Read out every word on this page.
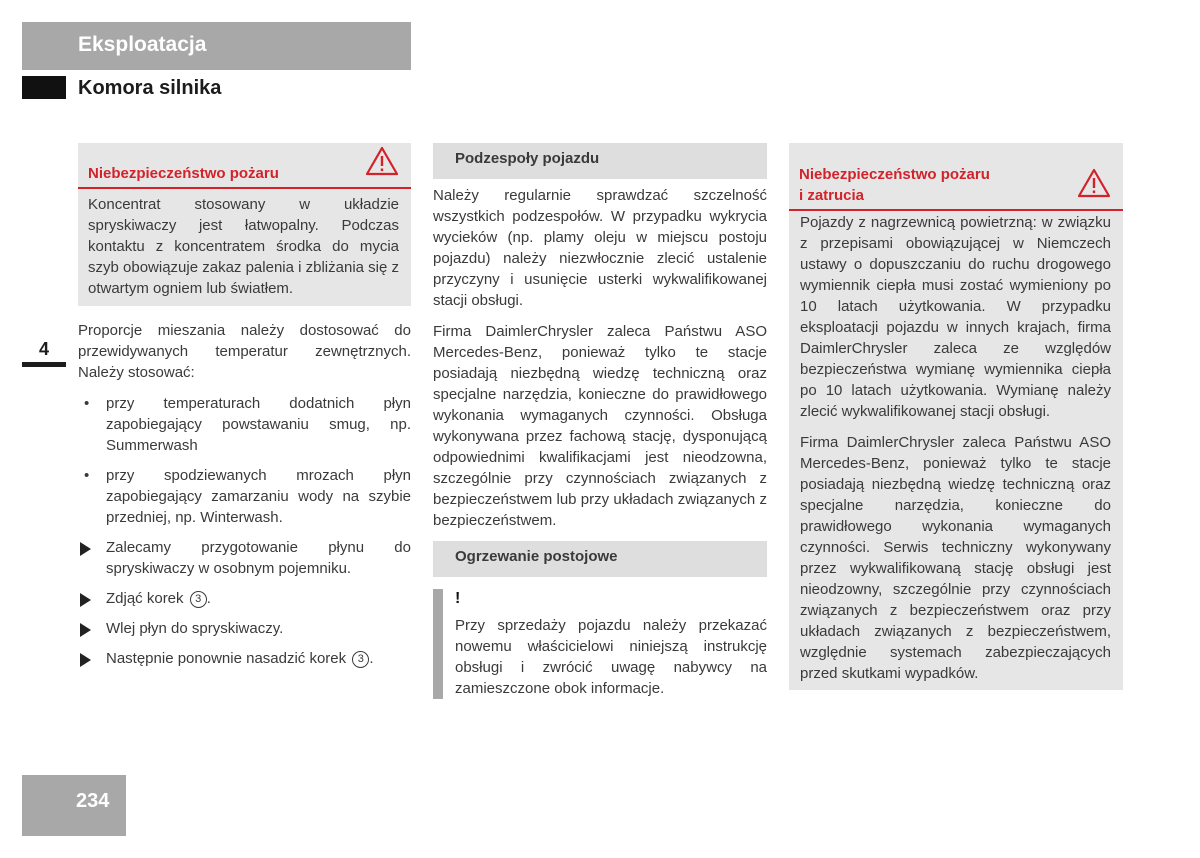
Eksploatacja
Komora silnika
4
Niebezpieczeństwo pożaru
Koncentrat stosowany w układzie spryskiwaczy jest łatwopalny. Podczas kontaktu z koncentratem środka do mycia szyb obowiązuje zakaz palenia i zbliżania się z otwartym ogniem lub światłem.

Proporcje mieszania należy dostosować do przewidywanych temperatur zewnętrznych. Należy stosować:

• przy temperaturach dodatnich płyn zapobiegający powstawaniu smug, np. Summerwash
• przy spodziewanych mrozach płyn zapobiegający zamarzaniu wody na szybie przedniej, np. Winterwash.
Zalecamy przygotowanie płynu do spryskiwaczy w osobnym pojemniku.
Zdjąć korek 3 .
Wlej płyn do spryskiwaczy.
Następnie ponownie nasadzić korek 3 .
Podzespoły pojazdu

Należy regularnie sprawdzać szczelność wszystkich podzespołów. W przypadku wykrycia wycieków (np. plamy oleju w miejscu postoju pojazdu) należy niezwłocznie zlecić ustalenie przyczyny i usunięcie usterki wykwalifikowanej stacji obsługi.

Firma DaimlerChrysler zaleca Państwu ASO Mercedes-Benz, ponieważ tylko te stacje posiadają niezbędną wiedzę techniczną oraz specjalne narzędzia, konieczne do prawidłowego wykonania wymaganych czynności. Obsługa wykonywana przez fachową stację, dysponującą odpowiednimi kwalifikacjami jest nieodzowna, szczególnie przy czynnościach związanych z bezpieczeństwem lub przy układach związanych z bezpieczeństwem.

Ogrzewanie postojowe
!

Przy sprzedaży pojazdu należy przekazać nowemu właścicielowi niniejszą instrukcję obsługi i zwrócić uwagę nabywcy na zamieszczone obok informacje.

Niebezpieczeństwo pożaru
i zatrucia

Pojazdy z nagrzewnicą powietrzną: w związku z przepisami obowiązującej w Niemczech ustawy o dopuszczaniu do ruchu drogowego wymiennik ciepła musi zostać wymieniony po 10 latach użytkowania. W przypadku eksploatacji pojazdu w innych krajach, firma DaimlerChrysler zaleca ze względów bezpieczeństwa wymianę wymiennika ciepła po 10 latach użytkowania. Wymianę należy zlecić wykwalifikowanej stacji obsługi.

Firma DaimlerChrysler zaleca Państwu ASO Mercedes-Benz, ponieważ tylko te stacje posiadają niezbędną wiedzę techniczną oraz specjalne narzędzia, konieczne do prawidłowego wykonania wymaganych czynności. Serwis techniczny wykonywany przez wykwalifikowaną stację obsługi jest nieodzowny, szczególnie przy czynnościach związanych z bezpieczeństwem oraz przy układach związanych z bezpieczeństwem, względnie systemach zabezpieczających przed skutkami wypadków.

234
